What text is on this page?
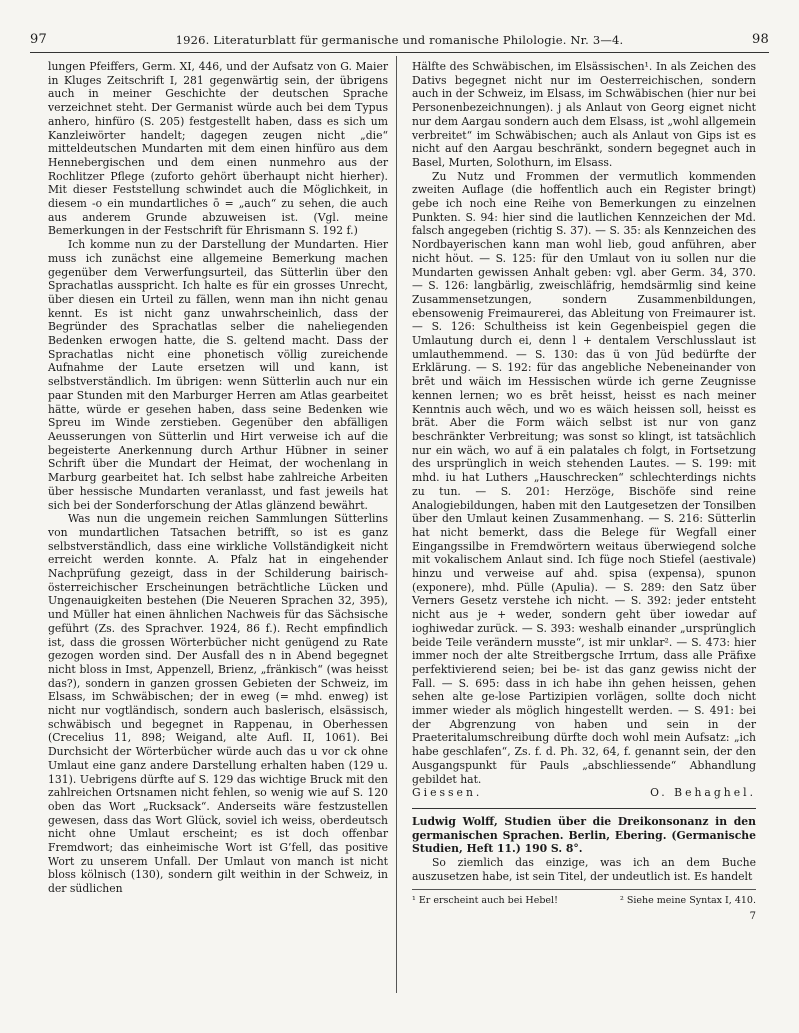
97	1926. Literaturblatt für germanische und romanische Philologie. Nr. 3—4.	98

lungen Pfeiffers, Germ. XI, 446, und der Aufsatz von G. Maier in Kluges Zeitschrift I, 281 gegenwärtig sein, der übrigens auch in meiner Geschichte der deutschen Sprache verzeichnet steht. Der Germanist würde auch bei dem Typus anhero, hinfüro (S. 205) festgestellt haben, dass es sich um Kanzleiwörter handelt; dagegen zeugen nicht „die“ mitteldeutschen Mundarten mit dem einen hinfüro aus dem Hennebergischen und dem einen nunmehro aus der Rochlitzer Pflege (zuforto gehört überhaupt nicht hierher). Mit dieser Feststellung schwindet auch die Möglichkeit, in diesem -o ein mundartliches ō = „auch“ zu sehen, die auch aus anderem Grunde abzuweisen ist. (Vgl. meine Bemerkungen in der Festschrift für Ehrismann S. 192 f.)

Ich komme nun zu der Darstellung der Mundarten. Hier muss ich zunächst eine allgemeine Bemerkung machen gegenüber dem Verwerfungsurteil, das Sütterlin über den Sprachatlas ausspricht. Ich halte es für ein grosses Unrecht, über diesen ein Urteil zu fällen, wenn man ihn nicht genau kennt. Es ist nicht ganz unwahrscheinlich, dass der Begründer des Sprachatlas selber die naheliegenden Bedenken erwogen hatte, die S. geltend macht. Dass der Sprachatlas nicht eine phonetisch völlig zureichende Aufnahme der Laute ersetzen will und kann, ist selbstverständlich. Im übrigen: wenn Sütterlin auch nur ein paar Stunden mit den Marburger Herren am Atlas gearbeitet hätte, würde er gesehen haben, dass seine Bedenken wie Spreu im Winde zerstieben. Gegenüber den abfälligen Aeusserungen von Sütterlin und Hirt verweise ich auf die begeisterte Anerkennung durch Arthur Hübner in seiner Schrift über die Mundart der Heimat, der wochenlang in Marburg gearbeitet hat. Ich selbst habe zahlreiche Arbeiten über hessische Mundarten veranlasst, und fast jeweils hat sich bei der Sonderforschung der Atlas glänzend bewährt.

Was nun die ungemein reichen Sammlungen Sütterlins von mundartlichen Tatsachen betrifft, so ist es ganz selbstverständlich, dass eine wirkliche Vollständigkeit nicht erreicht werden konnte. A. Pfalz hat in eingehender Nachprüfung gezeigt, dass in der Schilderung bairisch-österreichischer Erscheinungen beträchtliche Lücken und Ungenauigkeiten bestehen (Die Neueren Sprachen 32, 395), und Müller hat einen ähnlichen Nachweis für das Sächsische geführt (Zs. des Sprachver. 1924, 86 f.). Recht empfindlich ist, dass die grossen Wörterbücher nicht genügend zu Rate gezogen worden sind. Der Ausfall des n in Abend begegnet nicht bloss in Imst, Appenzell, Brienz, „fränkisch“ (was heisst das?), sondern in ganzen grossen Gebieten der Schweiz, im Elsass, im Schwäbischen; der in eweg (= mhd. enweg) ist nicht nur vogtländisch, sondern auch baslerisch, elsässisch, schwäbisch und begegnet in Rappenau, in Oberhessen (Crecelius 11, 898; Weigand, alte Aufl. II, 1061). Bei Durchsicht der Wörterbücher würde auch das u vor ck ohne Umlaut eine ganz andere Darstellung erhalten haben (129 u. 131). Uebrigens dürfte auf S. 129 das wichtige Bruck mit den zahlreichen Ortsnamen nicht fehlen, so wenig wie auf S. 120 oben das Wort „Rucksack“. Anderseits wäre festzustellen gewesen, dass das Wort Glück, soviel ich weiss, oberdeutsch nicht ohne Umlaut erscheint; es ist doch offenbar Fremdwort; das einheimische Wort ist G’fell, das positive Wort zu unserem Unfall. Der Umlaut von manch ist nicht bloss kölnisch (130), sondern gilt weithin in der Schweiz, in der südlichen

Hälfte des Schwäbischen, im Elsässischen¹. In als Zeichen des Dativs begegnet nicht nur im Oesterreichischen, sondern auch in der Schweiz, im Elsass, im Schwäbischen (hier nur bei Personenbezeichnungen). j als Anlaut von Georg eignet nicht nur dem Aargau sondern auch dem Elsass, ist „wohl allgemein verbreitet“ im Schwäbischen; auch als Anlaut von Gips ist es nicht auf den Aargau beschränkt, sondern begegnet auch in Basel, Murten, Solothurn, im Elsass.

Zu Nutz und Frommen der vermutlich kommenden zweiten Auflage (die hoffentlich auch ein Register bringt) gebe ich noch eine Reihe von Bemerkungen zu einzelnen Punkten. S. 94: hier sind die lautlichen Kennzeichen der Md. falsch angegeben (richtig S. 37). — S. 35: als Kennzeichen des Nordbayerischen kann man wohl lieb, goud anführen, aber nicht höut. — S. 125: für den Umlaut von iu sollen nur die Mundarten gewissen Anhalt geben: vgl. aber Germ. 34, 370. — S. 126: langbärlig, zweischläfrig, hemdsärmlig sind keine Zusammensetzungen, sondern Zusammenbildungen, ebensowenig Freimaurerei, das Ableitung von Freimaurer ist. — S. 126: Schultheiss ist kein Gegenbeispiel gegen die Umlautung durch ei, denn l + dentalem Verschlusslaut ist umlauthemmend. — S. 130: das ü von Jüd bedürfte der Erklärung. — S. 192: für das angebliche Nebeneinander von brēt und wäich im Hessischen würde ich gerne Zeugnisse kennen lernen; wo es brēt heisst, heisst es nach meiner Kenntnis auch wēch, und wo es wäich heissen soll, heisst es brät. Aber die Form wäich selbst ist nur von ganz beschränkter Verbreitung; was sonst so klingt, ist tatsächlich nur ein wäch, wo auf ä ein palatales ch folgt, in Fortsetzung des ursprünglich in weich stehenden Lautes. — S. 199: mit mhd. iu hat Luthers „Hauschrecken“ schlechterdings nichts zu tun. — S. 201: Herzöge, Bischöfe sind reine Analogiebildungen, haben mit den Lautgesetzen der Tonsilben über den Umlaut keinen Zusammenhang. — S. 216: Sütterlin hat nicht bemerkt, dass die Belege für Wegfall einer Eingangssilbe in Fremdwörtern weitaus überwiegend solche mit vokalischem Anlaut sind. Ich füge noch Stiefel (aestivale) hinzu und verweise auf ahd. spisa (expensa), spunon (exponere), mhd. Pülle (Apulia). — S. 289: den Satz über Verners Gesetz verstehe ich nicht. — S. 392: jeder entsteht nicht aus je + weder, sondern geht über iowedar auf ioghiwedar zurück. — S. 393: weshalb einander „ursprünglich beide Teile verändern musste“, ist mir unklar². — S. 473: hier immer noch der alte Streitbergsche Irrtum, dass alle Präfixe perfektivierend seien; bei be- ist das ganz gewiss nicht der Fall. — S. 695: dass in ich habe ihn gehen heissen, gehen sehen alte ge-lose Partizipien vorlägen, sollte doch nicht immer wieder als möglich hingestellt werden. — S. 491: bei der Abgrenzung von haben und sein in der Praeteritalumschreibung dürfte doch wohl mein Aufsatz: „ich habe geschlafen“, Zs. f. d. Ph. 32, 64, f. genannt sein, der den Ausgangspunkt für Pauls „abschliessende“ Abhandlung gebildet hat.

Giessen.	O. Behaghel.

Ludwig Wolff, Studien über die Dreikonsonanz in den germanischen Sprachen. Berlin, Ebering. (Germanische Studien, Heft 11.) 190 S. 8°.

So ziemlich das einzige, was ich an dem Buche auszusetzen habe, ist sein Titel, der undeutlich ist. Es handelt

¹ Er erscheint auch bei Hebel!	² Siehe meine Syntax I, 410.
7
